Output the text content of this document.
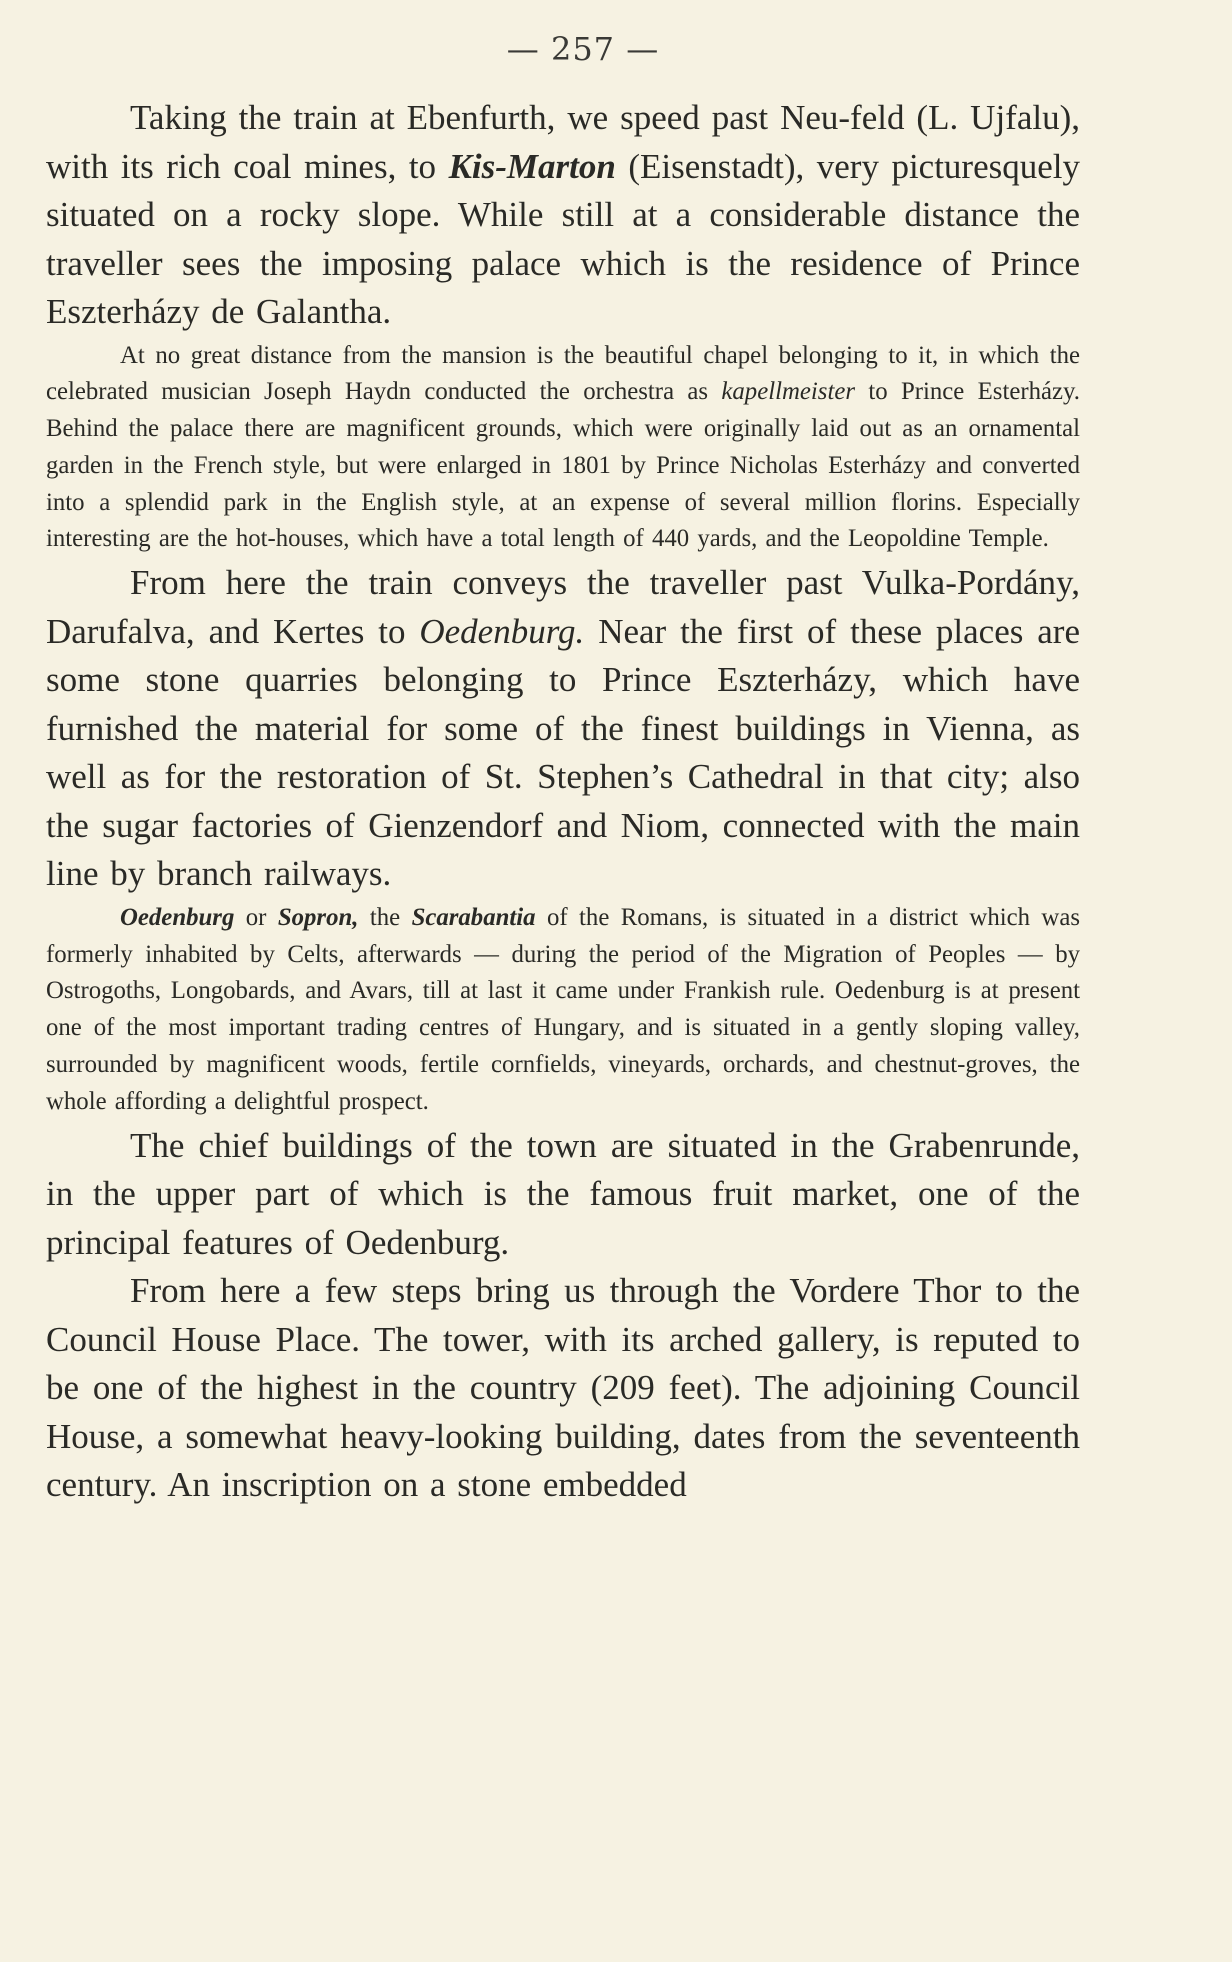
— 257 —

Taking the train at Ebenfurth, we speed past Neu-feld (L. Ujfalu), with its rich coal mines, to Kis-Marton (Eisenstadt), very picturesquely situated on a rocky slope. While still at a considerable distance the traveller sees the imposing palace which is the residence of Prince Eszterházy de Galantha.

At no great distance from the mansion is the beautiful chapel belonging to it, in which the celebrated musician Joseph Haydn conducted the orchestra as kapellmeister to Prince Esterházy. Behind the palace there are magnificent grounds, which were originally laid out as an ornamental garden in the French style, but were enlarged in 1801 by Prince Nicholas Esterházy and converted into a splendid park in the English style, at an expense of several million florins. Especially interesting are the hot-houses, which have a total length of 440 yards, and the Leopoldine Temple.

From here the train conveys the traveller past Vulka-Pordány, Darufalva, and Kertes to Oedenburg. Near the first of these places are some stone quarries belonging to Prince Eszterházy, which have furnished the material for some of the finest buildings in Vienna, as well as for the restoration of St. Stephen’s Cathedral in that city; also the sugar factories of Gienzendorf and Niom, connected with the main line by branch railways.

Oedenburg or Sopron, the Scarabantia of the Romans, is situated in a district which was formerly inhabited by Celts, afterwards — during the period of the Migration of Peoples — by Ostrogoths, Longobards, and Avars, till at last it came under Frankish rule. Oedenburg is at present one of the most important trading centres of Hungary, and is situated in a gently sloping valley, surrounded by magnificent woods, fertile cornfields, vineyards, orchards, and chestnut-groves, the whole affording a delightful prospect.

The chief buildings of the town are situated in the Grabenrunde, in the upper part of which is the famous fruit market, one of the principal features of Oedenburg.

From here a few steps bring us through the Vordere Thor to the Council House Place. The tower, with its arched gallery, is reputed to be one of the highest in the country (209 feet). The adjoining Council House, a somewhat heavy-looking building, dates from the seventeenth century. An inscription on a stone embedded
